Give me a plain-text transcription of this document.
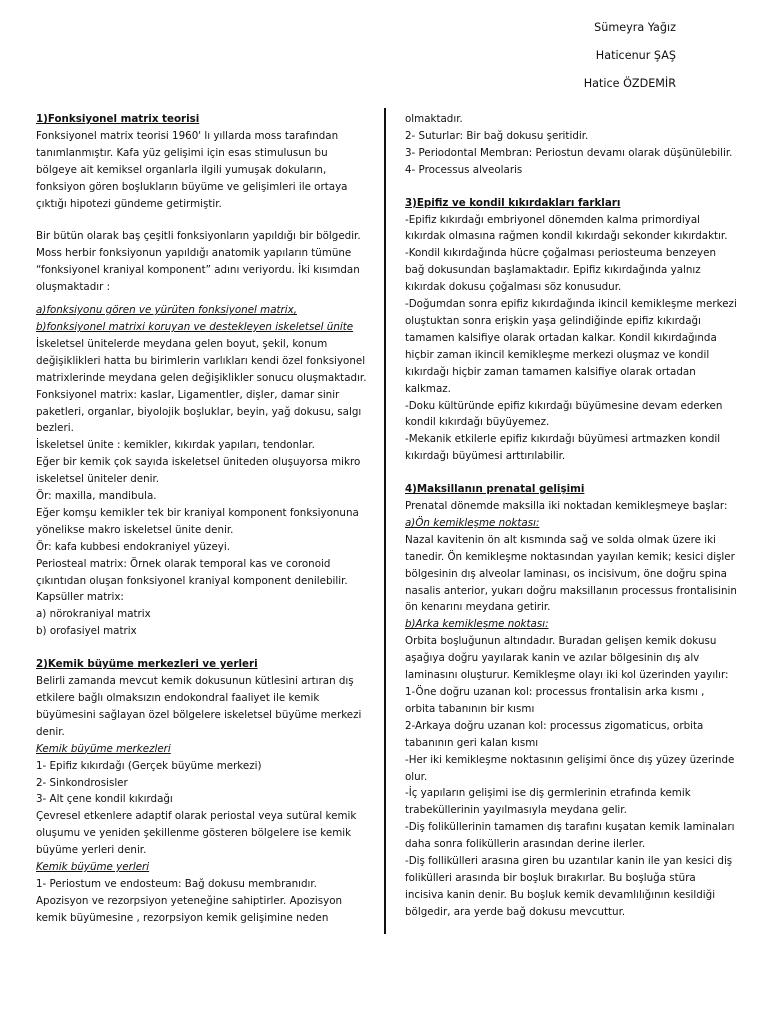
Sümeyra Yağız
Haticenur ŞAŞ
Hatice ÖZDEMİR

1)Fonksiyonel matrix teorisi

Fonksiyonel matrix teorisi 1960' lı yıllarda moss tarafından tanımlanmıştır. Kafa yüz gelişimi için esas stimulusun bu bölgeye ait kemiksel organlarla ilgili yumuşak dokuların, fonksiyon gören boşlukların büyüme ve gelişimleri ile ortaya çıktığı hipotezi gündeme getirmiştir.

Bir bütün olarak baş çeşitli fonksiyonların yapıldığı bir bölgedir. Moss herbir fonksiyonun yapıldığı anatomik yapıların tümüne “fonksiyonel kraniyal komponent” adını veriyordu. İki kısımdan oluşmaktadır :

a)fonksiyonu gören ve yürüten fonksiyonel matrix,

b)fonksiyonel matrixi koruyan ve destekleyen iskeletsel ünite

İskeletsel ünitelerde meydana gelen boyut, şekil, konum değişiklikleri hatta bu birimlerin varlıkları kendi özel fonksiyonel matrixlerinde meydana gelen değişiklikler sonucu oluşmaktadır.

Fonksiyonel matrix: kaslar, Ligamentler, dişler, damar sinir paketleri, organlar, biyolojik boşluklar, beyin, yağ dokusu, salgı bezleri.

İskeletsel ünite : kemikler, kıkırdak yapıları, tendonlar.

Eğer bir kemik çok sayıda iskeletsel üniteden oluşuyorsa mikro iskeletsel üniteler denir.

Ör: maxilla, mandibula.

Eğer komşu kemikler tek bir kraniyal komponent fonksiyonuna yönelikse makro iskeletsel ünite denir.

Ör: kafa kubbesi endokraniyel yüzeyi.

Periosteal matrix: Örnek olarak temporal kas ve coronoid çıkıntıdan oluşan fonksiyonel kraniyal komponent denilebilir.

Kapsüller matrix:

a) nörokraniyal matrix

b) orofasiyel matrix

2)Kemik büyüme merkezleri ve yerleri

Belirli zamanda mevcut kemik dokusunun kütlesini artıran dış etkilere bağlı olmaksızın endokondral faaliyet ile kemik büyümesini sağlayan özel bölgelere iskeletsel büyüme merkezi denir.

Kemik büyüme merkezleri

1- Epifiz kıkırdağı (Gerçek büyüme merkezi)

2- Sinkondrosisler

3- Alt çene kondil kıkırdağı

Çevresel etkenlere adaptif olarak periostal veya sutüral kemik oluşumu ve yeniden şekillenme gösteren bölgelere ise kemik büyüme yerleri denir.

Kemik büyüme yerleri

1- Periostum ve endosteum: Bağ dokusu membranıdır. Apozisyon ve rezorpsiyon yeteneğine sahiptirler. Apozisyon kemik büyümesine , rezorpsiyon kemik gelişimine neden

olmaktadır.

2- Suturlar: Bir bağ dokusu şeritidir.

3- Periodontal Membran: Periostun devamı olarak düşünülebilir.

4- Processus alveolaris

3)Epifiz ve kondil kıkırdakları farkları

-Epifiz kıkırdağı embriyonel dönemden kalma primordiyal kıkırdak olmasına rağmen kondil kıkırdağı sekonder kıkırdaktır.

-Kondil kıkırdağında hücre çoğalması periosteuma benzeyen bağ dokusundan başlamaktadır. Epifiz kıkırdağında yalnız kıkırdak dokusu çoğalması söz konusudur.

-Doğumdan sonra epifiz kıkırdağında ikincil kemikleşme merkezi oluştuktan sonra erişkin yaşa gelindiğinde epifiz kıkırdağı tamamen kalsifiye olarak ortadan kalkar. Kondil kıkırdağında hiçbir zaman ikincil kemikleşme merkezi oluşmaz ve kondil kıkırdağı hiçbir zaman tamamen kalsifiye olarak ortadan kalkmaz.

-Doku kültüründe epifiz kıkırdağı büyümesine devam ederken kondil kıkırdağı büyüyemez.

-Mekanik etkilerle epifiz kıkırdağı büyümesi artmazken kondil kıkırdağı büyümesi arttırılabilir.

4)Maksillanın prenatal gelişimi

Prenatal dönemde maksilla iki noktadan kemikleşmeye başlar:

a)Ön kemikleşme noktası:

Nazal kavitenin ön alt kısmında sağ ve solda olmak üzere iki tanedir. Ön kemikleşme noktasından yayılan kemik; kesici dişler bölgesinin dış alveolar laminası, os incisivum, öne doğru spina nasalis anterior, yukarı doğru maksillanın processus frontalisinin ön kenarını meydana getirir.

b)Arka kemikleşme noktası:

Orbita boşluğunun altındadır. Buradan gelişen kemik dokusu aşağıya doğru yayılarak kanin ve azılar bölgesinin dış alv laminasını oluşturur. Kemikleşme olayı iki kol üzerinden yayılır:

1-Öne doğru uzanan kol: processus frontalisin arka kısmı , orbita tabanının bir kısmı

2-Arkaya doğru uzanan kol: processus zigomaticus, orbita tabanının geri kalan kısmı

-Her iki kemikleşme noktasının gelişimi önce dış yüzey üzerinde olur.

-İç yapıların gelişimi ise diş germlerinin etrafında kemik trabeküllerinin yayılmasıyla meydana gelir.

-Diş foliküllerinin tamamen dış tarafını kuşatan kemik laminaları daha sonra foliküllerin arasından derine ilerler.

-Diş follikülleri arasına giren bu uzantılar kanin ile yan kesici diş folikülleri arasında bir boşluk bırakırlar. Bu boşluğa stüra incisiva kanin denir. Bu boşluk kemik devamlılığının kesildiği bölgedir, ara yerde bağ dokusu mevcuttur.
